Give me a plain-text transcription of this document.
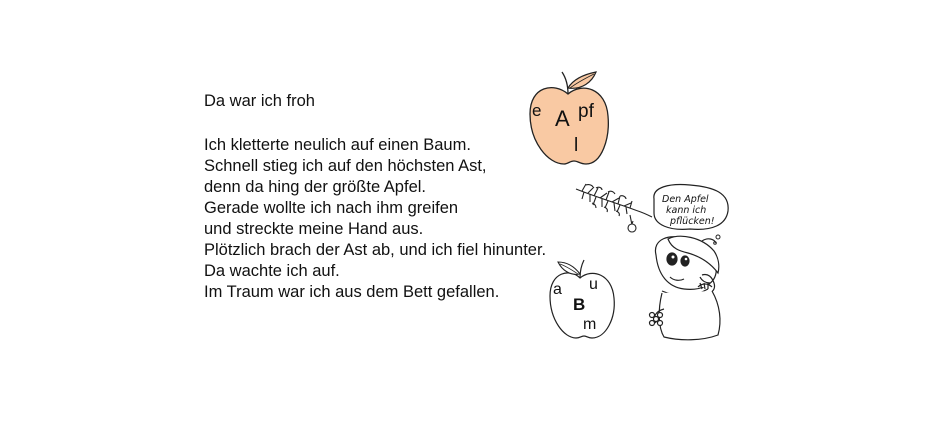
Da war ich froh
Ich kletterte neulich auf einen Baum.
Schnell stieg ich auf den höchsten Ast,
denn da hing der größte Apfel.
Gerade wollte ich nach ihm greifen
und streckte meine Hand aus.
Plötzlich brach der Ast ab, und ich fiel hinunter.
Da wachte ich auf.
Im Traum war ich aus dem Bett gefallen.
e A pf
l
a u
B
m
Den Apfel
kann ich
pflücken!
